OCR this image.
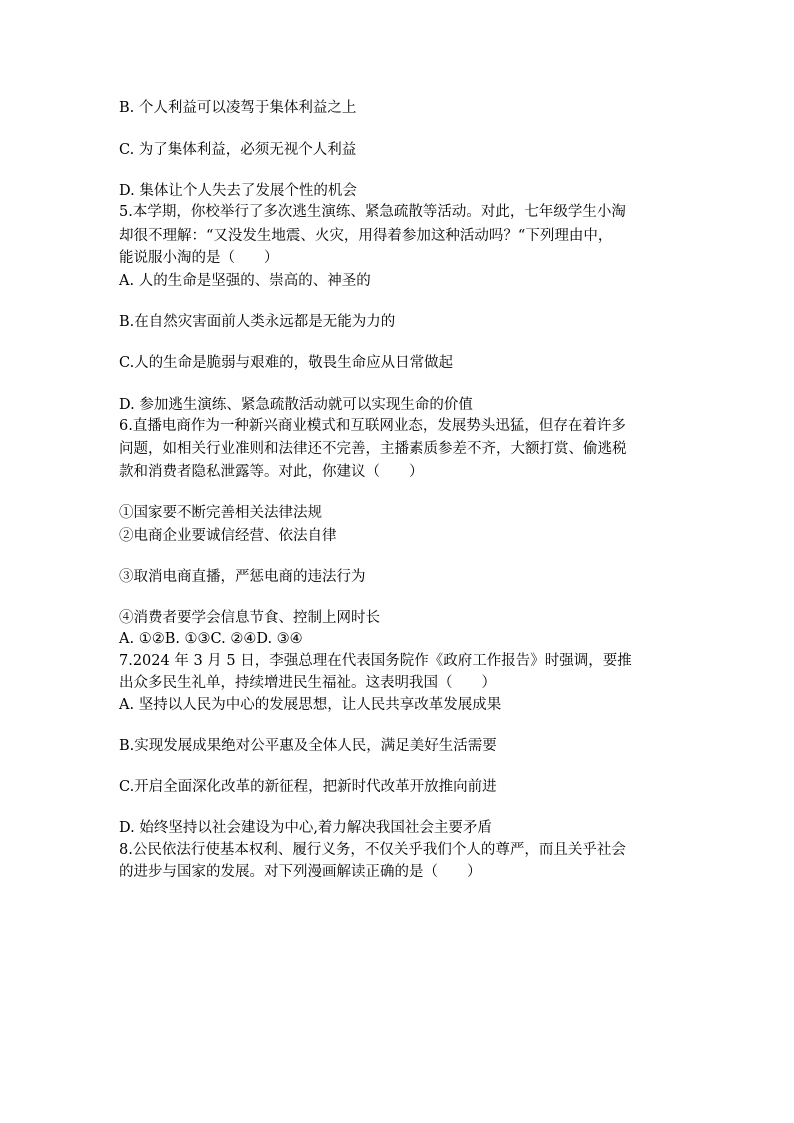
B. 个人利益可以凌驾于集体利益之上
C. 为了集体利益，必须无视个人利益
D. 集体让个人失去了发展个性的机会
5.本学期，你校举行了多次逃生演练、紧急疏散等活动。对此，七年级学生小淘
却很不理解：“又没发生地震、火灾，用得着参加这种活动吗？“下列理由中，
能说服小淘的是（　　）
A. 人的生命是坚强的、崇高的、神圣的
B.在自然灾害面前人类永远都是无能为力的
C.人的生命是脆弱与艰难的，敬畏生命应从日常做起
D. 参加逃生演练、紧急疏散活动就可以实现生命的价值
6.直播电商作为一种新兴商业模式和互联网业态，发展势头迅猛，但存在着许多
问题，如相关行业准则和法律还不完善，主播素质参差不齐，大额打赏、偷逃税
款和消费者隐私泄露等。对此，你建议（　　）
①国家要不断完善相关法律法规
②电商企业要诚信经营、依法自律
③取消电商直播，严惩电商的违法行为
④消费者要学会信息节食、控制上网时长
A. ①②B. ①③C. ②④D. ③④
7.2024 年 3 月 5 日，李强总理在代表国务院作《政府工作报告》时强调，要推
出众多民生礼单，持续增进民生福祉。这表明我国（　　）
A. 坚持以人民为中心的发展思想，让人民共享改革发展成果
B.实现发展成果绝对公平惠及全体人民，满足美好生活需要
C.开启全面深化改革的新征程，把新时代改革开放推向前进
D. 始终坚持以社会建设为中心,着力解决我国社会主要矛盾
8.公民依法行使基本权利、履行义务，不仅关乎我们个人的尊严，而且关乎社会
的进步与国家的发展。对下列漫画解读正确的是（　　）
